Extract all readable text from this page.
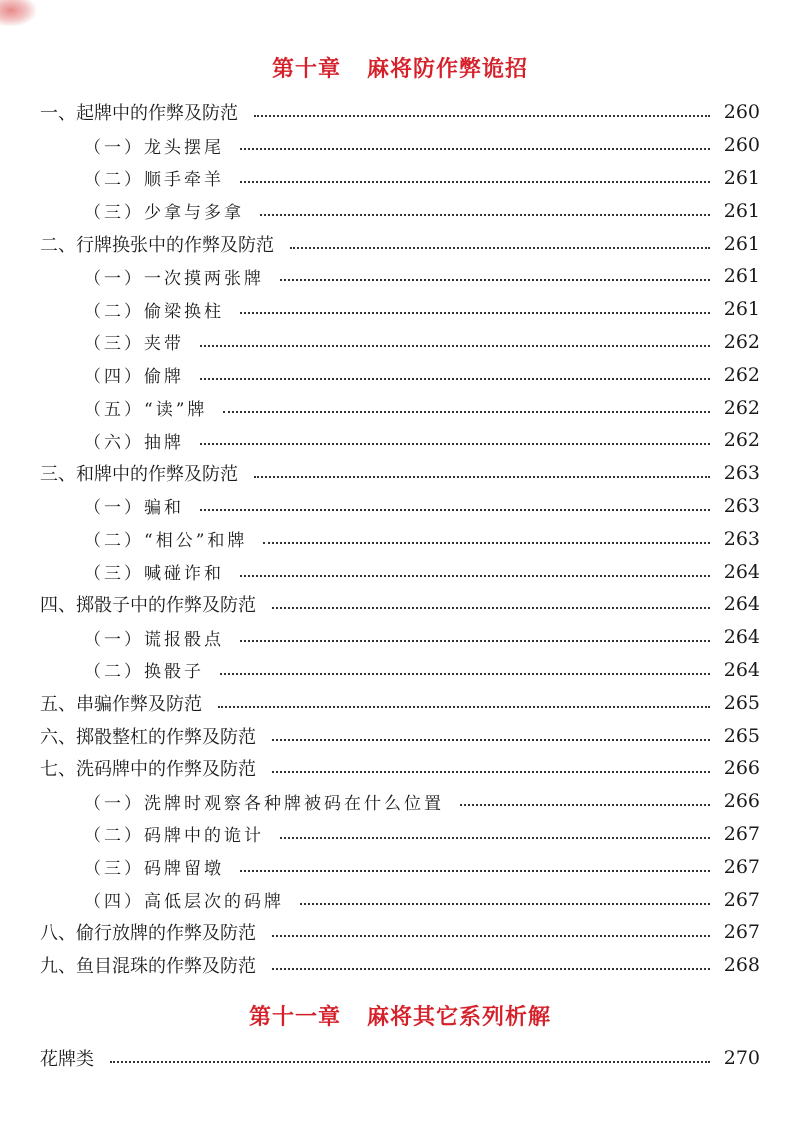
第十章 麻将防作弊诡招
一、起牌中的作弊及防范	260
（一）龙头摆尾	260
（二）顺手牵羊	261
（三）少拿与多拿	261
二、行牌换张中的作弊及防范	261
（一）一次摸两张牌	261
（二）偷梁换柱	261
（三）夹带	262
（四）偷牌	262
（五）“读”牌	262
（六）抽牌	262
三、和牌中的作弊及防范	263
（一）骗和	263
（二）“相公”和牌	263
（三）喊碰诈和	264
四、掷骰子中的作弊及防范	264
（一）谎报骰点	264
（二）换骰子	264
五、串骗作弊及防范	265
六、掷骰整杠的作弊及防范	265
七、洗码牌中的作弊及防范	266
（一）洗牌时观察各种牌被码在什么位置	266
（二）码牌中的诡计	267
（三）码牌留墩	267
（四）高低层次的码牌	267
八、偷行放牌的作弊及防范	267
九、鱼目混珠的作弊及防范	268
第十一章 麻将其它系列析解
花牌类	270
